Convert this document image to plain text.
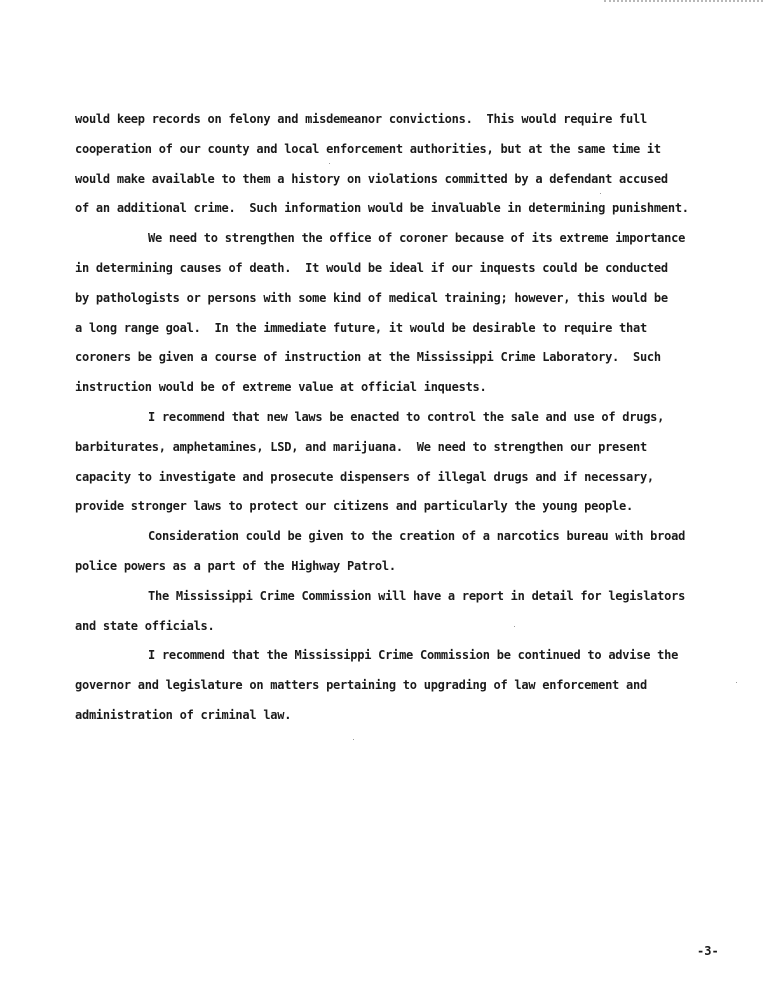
would keep records on felony and misdemeanor convictions.  This would require full
cooperation of our county and local enforcement authorities, but at the same time it
would make available to them a history on violations committed by a defendant accused
of an additional crime.  Such information would be invaluable in determining punishment.
We need to strengthen the office of coroner because of its extreme importance
in determining causes of death.  It would be ideal if our inquests could be conducted
by pathologists or persons with some kind of medical training; however, this would be
a long range goal.  In the immediate future, it would be desirable to require that
coroners be given a course of instruction at the Mississippi Crime Laboratory.  Such
instruction would be of extreme value at official inquests.
I recommend that new laws be enacted to control the sale and use of drugs,
barbiturates, amphetamines, LSD, and marijuana.  We need to strengthen our present
capacity to investigate and prosecute dispensers of illegal drugs and if necessary,
provide stronger laws to protect our citizens and particularly the young people.
Consideration could be given to the creation of a narcotics bureau with broad
police powers as a part of the Highway Patrol.
The Mississippi Crime Commission will have a report in detail for legislators
and state officials.
I recommend that the Mississippi Crime Commission be continued to advise the
governor and legislature on matters pertaining to upgrading of law enforcement and
administration of criminal law.
-3-
